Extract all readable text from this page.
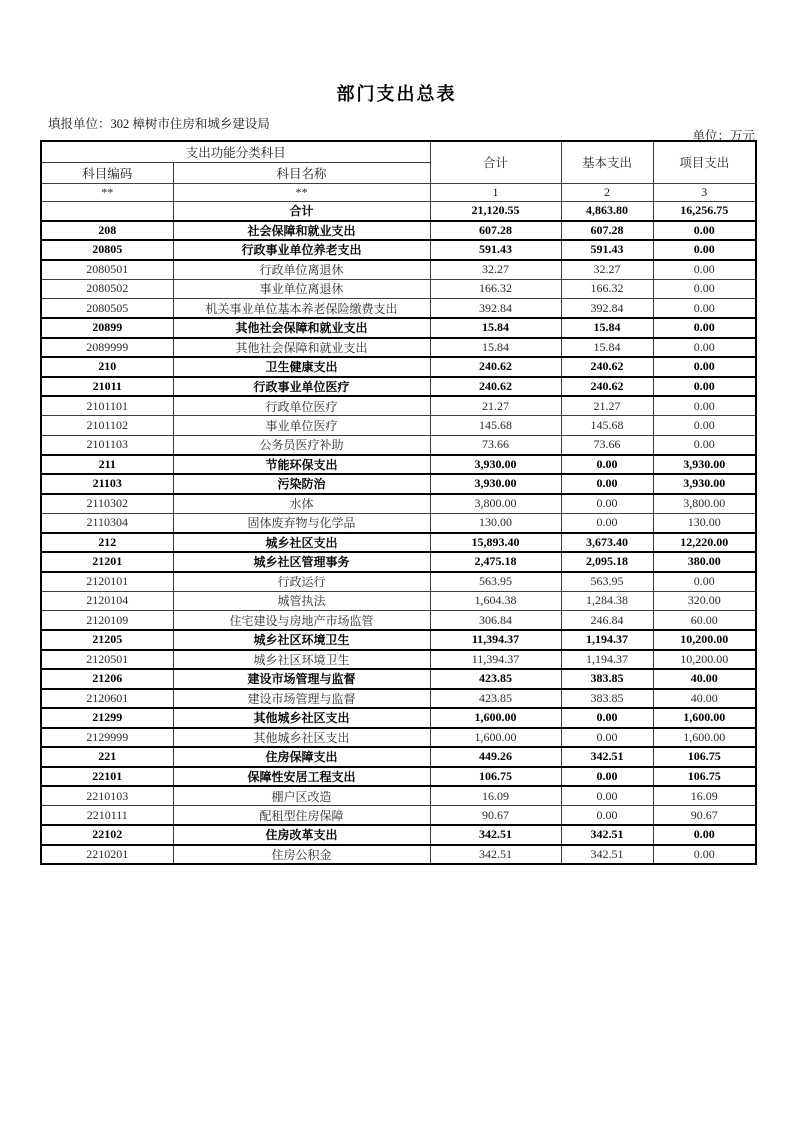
部门支出总表
填报单位：302 樟树市住房和城乡建设局
单位：万元
支出功能分类科目		合计	基本支出	项目支出
科目编码	科目名称			
**	**	1	2	3
	合计	21,120.55	4,863.80	16,256.75
208	社会保障和就业支出	607.28	607.28	0.00
20805	行政事业单位养老支出	591.43	591.43	0.00
2080501	行政单位离退休	32.27	32.27	0.00
2080502	事业单位离退休	166.32	166.32	0.00
2080505	机关事业单位基本养老保险缴费支出	392.84	392.84	0.00
20899	其他社会保障和就业支出	15.84	15.84	0.00
2089999	其他社会保障和就业支出	15.84	15.84	0.00
210	卫生健康支出	240.62	240.62	0.00
21011	行政事业单位医疗	240.62	240.62	0.00
2101101	行政单位医疗	21.27	21.27	0.00
2101102	事业单位医疗	145.68	145.68	0.00
2101103	公务员医疗补助	73.66	73.66	0.00
211	节能环保支出	3,930.00	0.00	3,930.00
21103	污染防治	3,930.00	0.00	3,930.00
2110302	水体	3,800.00	0.00	3,800.00
2110304	固体废弃物与化学品	130.00	0.00	130.00
212	城乡社区支出	15,893.40	3,673.40	12,220.00
21201	城乡社区管理事务	2,475.18	2,095.18	380.00
2120101	行政运行	563.95	563.95	0.00
2120104	城管执法	1,604.38	1,284.38	320.00
2120109	住宅建设与房地产市场监管	306.84	246.84	60.00
21205	城乡社区环境卫生	11,394.37	1,194.37	10,200.00
2120501	城乡社区环境卫生	11,394.37	1,194.37	10,200.00
21206	建设市场管理与监督	423.85	383.85	40.00
2120601	建设市场管理与监督	423.85	383.85	40.00
21299	其他城乡社区支出	1,600.00	0.00	1,600.00
2129999	其他城乡社区支出	1,600.00	0.00	1,600.00
221	住房保障支出	449.26	342.51	106.75
22101	保障性安居工程支出	106.75	0.00	106.75
2210103	棚户区改造	16.09	0.00	16.09
2210111	配租型住房保障	90.67	0.00	90.67
22102	住房改革支出	342.51	342.51	0.00
2210201	住房公积金	342.51	342.51	0.00
